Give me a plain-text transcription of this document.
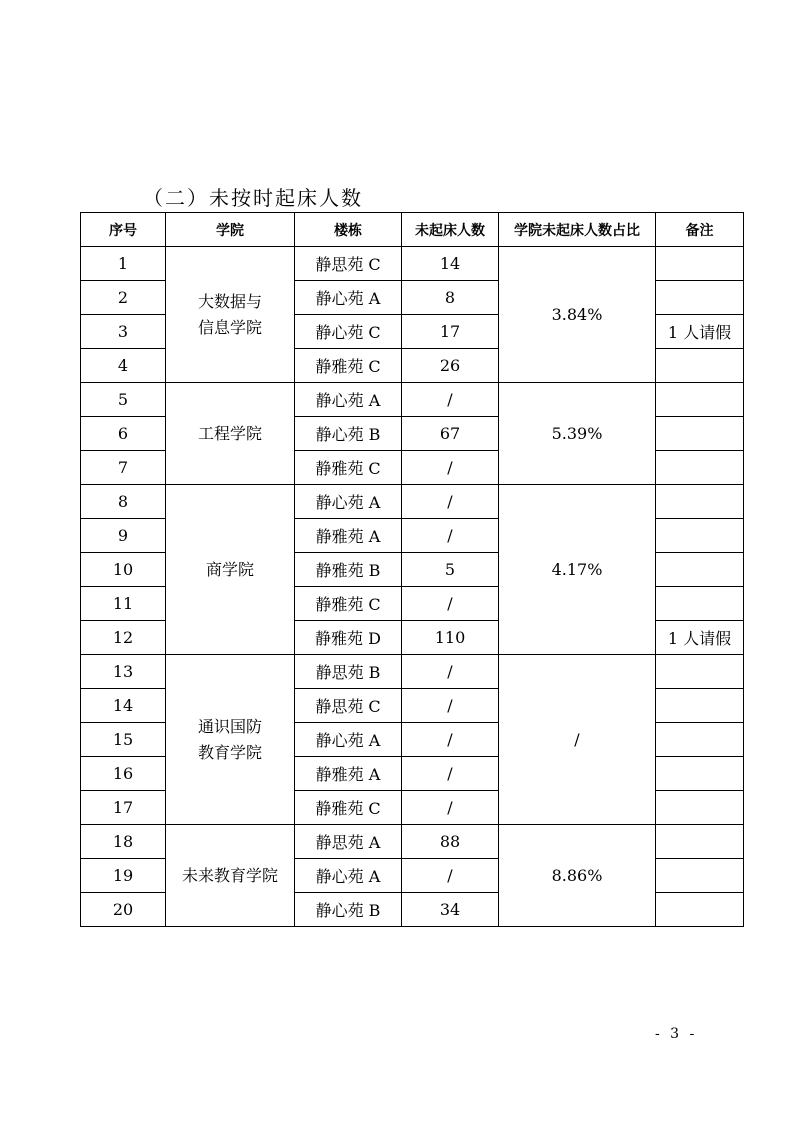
（二）未按时起床人数
序号	学院	楼栋	未起床人数	学院未起床人数占比	备注
1	大数据与
信息学院	静思苑 C	14	3.84%	
2		静心苑 A	8		
3		静心苑 C	17		1 人请假
4		静雅苑 C	26		
5	工程学院	静心苑 A	/	5.39%	
6		静心苑 B	67		
7		静雅苑 C	/		
8	商学院	静心苑 A	/	4.17%	
9		静雅苑 A	/		
10		静雅苑 B	5		
11		静雅苑 C	/		
12		静雅苑 D	110		1 人请假
13	通识国防
教育学院	静思苑 B	/	/	
14		静思苑 C	/		
15		静心苑 A	/		
16		静雅苑 A	/		
17		静雅苑 C	/		
18	未来教育学院	静思苑 A	88	8.86%	
19		静心苑 A	/		
20		静心苑 B	34		
- 3 -
